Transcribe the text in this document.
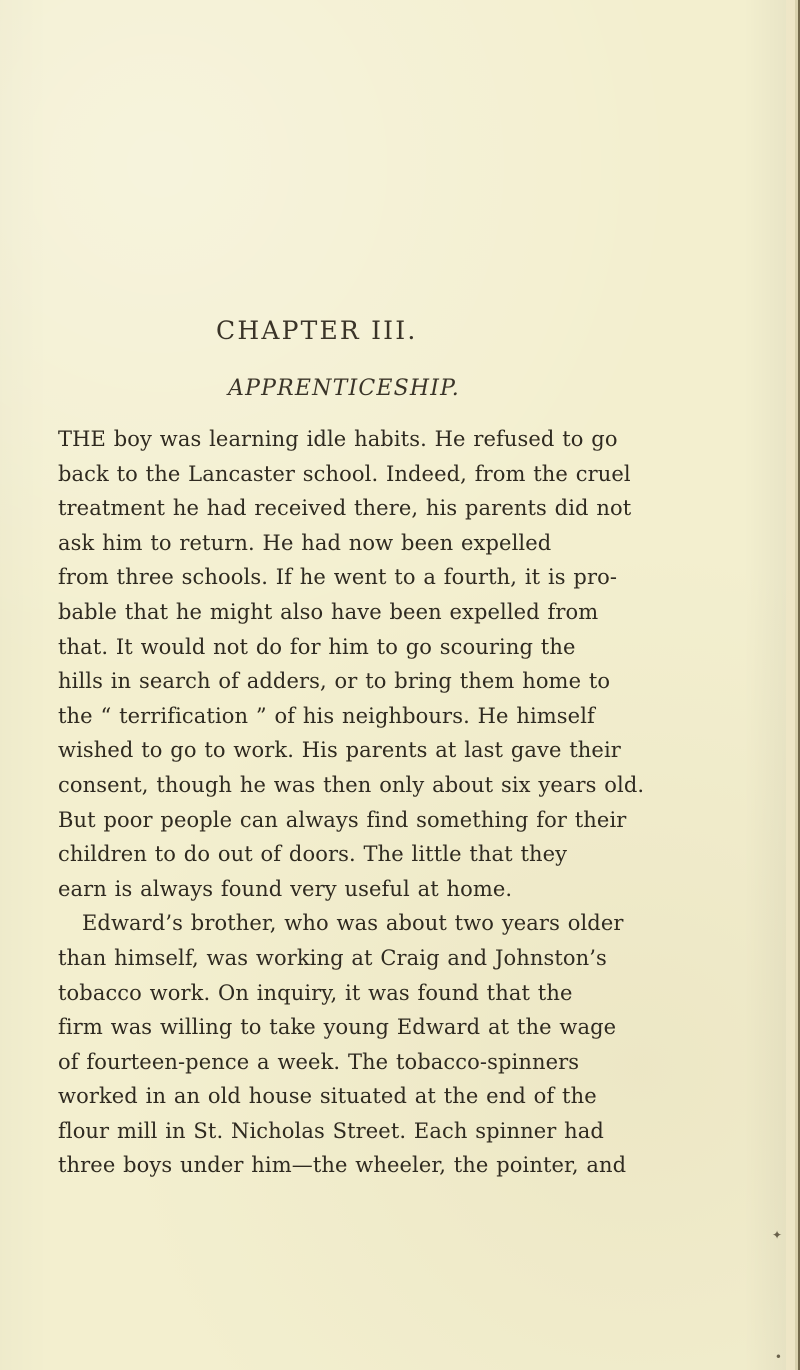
CHAPTER III.
APPRENTICESHIP.
THE boy was learning idle habits. He refused to go
back to the Lancaster school. Indeed, from the cruel
treatment he had received there, his parents did not
ask him to return. He had now been expelled
from three schools. If he went to a fourth, it is pro-
bable that he might also have been expelled from
that. It would not do for him to go scouring the
hills in search of adders, or to bring them home to
the “ terrification ” of his neighbours. He himself
wished to go to work. His parents at last gave their
consent, though he was then only about six years old.
But poor people can always find something for their
children to do out of doors. The little that they
earn is always found very useful at home.
Edward’s brother, who was about two years older
than himself, was working at Craig and Johnston’s
tobacco work. On inquiry, it was found that the
firm was willing to take young Edward at the wage
of fourteen-pence a week. The tobacco-spinners
worked in an old house situated at the end of the
flour mill in St. Nicholas Street. Each spinner had
three boys under him—the wheeler, the pointer, and
✦
•
